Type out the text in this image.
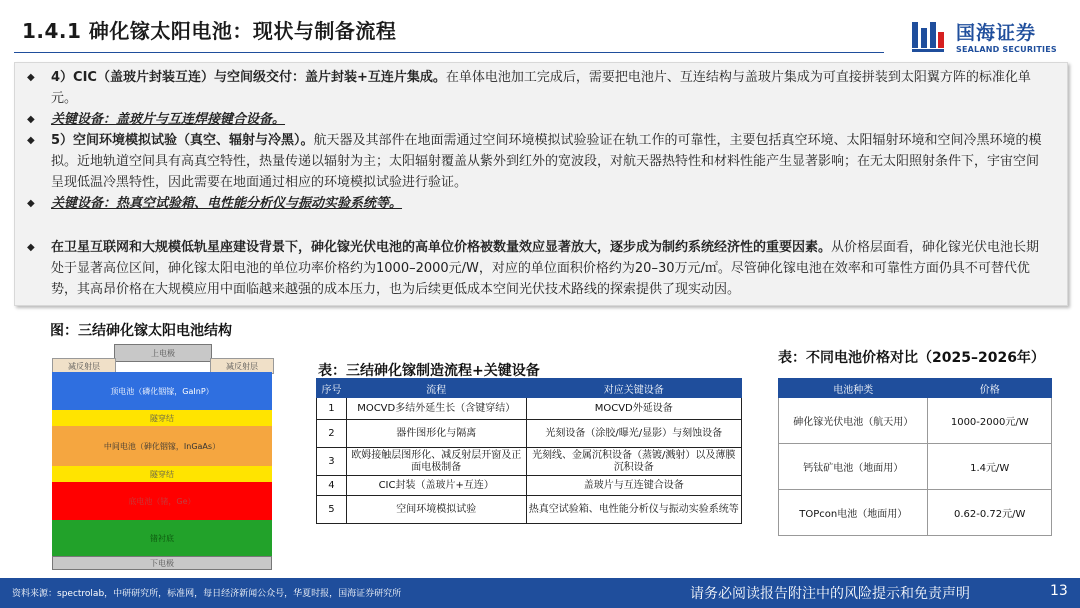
1.4.1 砷化镓太阳电池：现状与制备流程	国海证券
SEALAND SECURITIES
◆	4）CIC（盖玻片封装互连）与空间级交付：盖片封装+互连片集成。在单体电池加工完成后，需要把电池片、互连结构与盖玻片集成为可直接拼装到太阳翼方阵的标准化单元。
◆	关键设备：盖玻片与互连焊接键合设备。
◆	5）空间环境模拟试验（真空、辐射与冷黑）。航天器及其部件在地面需通过空间环境模拟试验验证在轨工作的可靠性，主要包括真空环境、太阳辐射环境和空间冷黑环境的模拟。近地轨道空间具有高真空特性，热量传递以辐射为主；太阳辐射覆盖从紫外到红外的宽波段，对航天器热特性和材料性能产生显著影响；在无太阳照射条件下，宇宙空间呈现低温冷黑特性，因此需要在地面通过相应的环境模拟试验进行验证。
◆	关键设备：热真空试验箱、电性能分析仪与振动实验系统等。
◆	在卫星互联网和大规模低轨星座建设背景下，砷化镓光伏电池的高单位价格被数量效应显著放大，逐步成为制约系统经济性的重要因素。从价格层面看，砷化镓光伏电池长期处于显著高位区间，砷化镓太阳电池的单位功率价格约为1000–2000元/W，对应的单位面积价格约为20–30万元/㎡。尽管砷化镓电池在效率和可靠性方面仍具不可替代优势，其高昂价格在大规模应用中面临越来越强的成本压力，也为后续更低成本空间光伏技术路线的探索提供了现实动因。
图：三结砷化镓太阳电池结构
上电极
减反射层	减反射层
顶电池（磷化铟镓，GaInP）
隧穿结
中间电池（砷化铟镓，InGaAs）
隧穿结
底电池（锗，Ge）
锗衬底
下电极
表：三结砷化镓制造流程+关键设备
序号	流程	对应关键设备
1	MOCVD多结外延生长（含键穿结）	MOCVD外延设备
2	器件图形化与隔离	光刻设备（涂胶/曝光/显影）与刻蚀设备
3	欧姆接触层图形化、减反射层开窗及正面电极制备	光刻线、金属沉积设备（蒸镀/溅射）以及薄膜沉积设备
4	CIC封装（盖玻片+互连）	盖玻片与互连键合设备
5	空间环境模拟试验	热真空试验箱、电性能分析仪与振动实验系统等
表：不同电池价格对比（2025–2026年）
电池种类	价格
砷化镓光伏电池（航天用）	1000-2000元/W
钙钛矿电池（地面用）	1.4元/W
TOPcon电池（地面用）	0.62-0.72元/W
资料来源：spectrolab，中研研究所，标准网，每日经济新闻公众号，华夏时报，国海证券研究所	请务必阅读报告附注中的风险提示和免责声明	13
